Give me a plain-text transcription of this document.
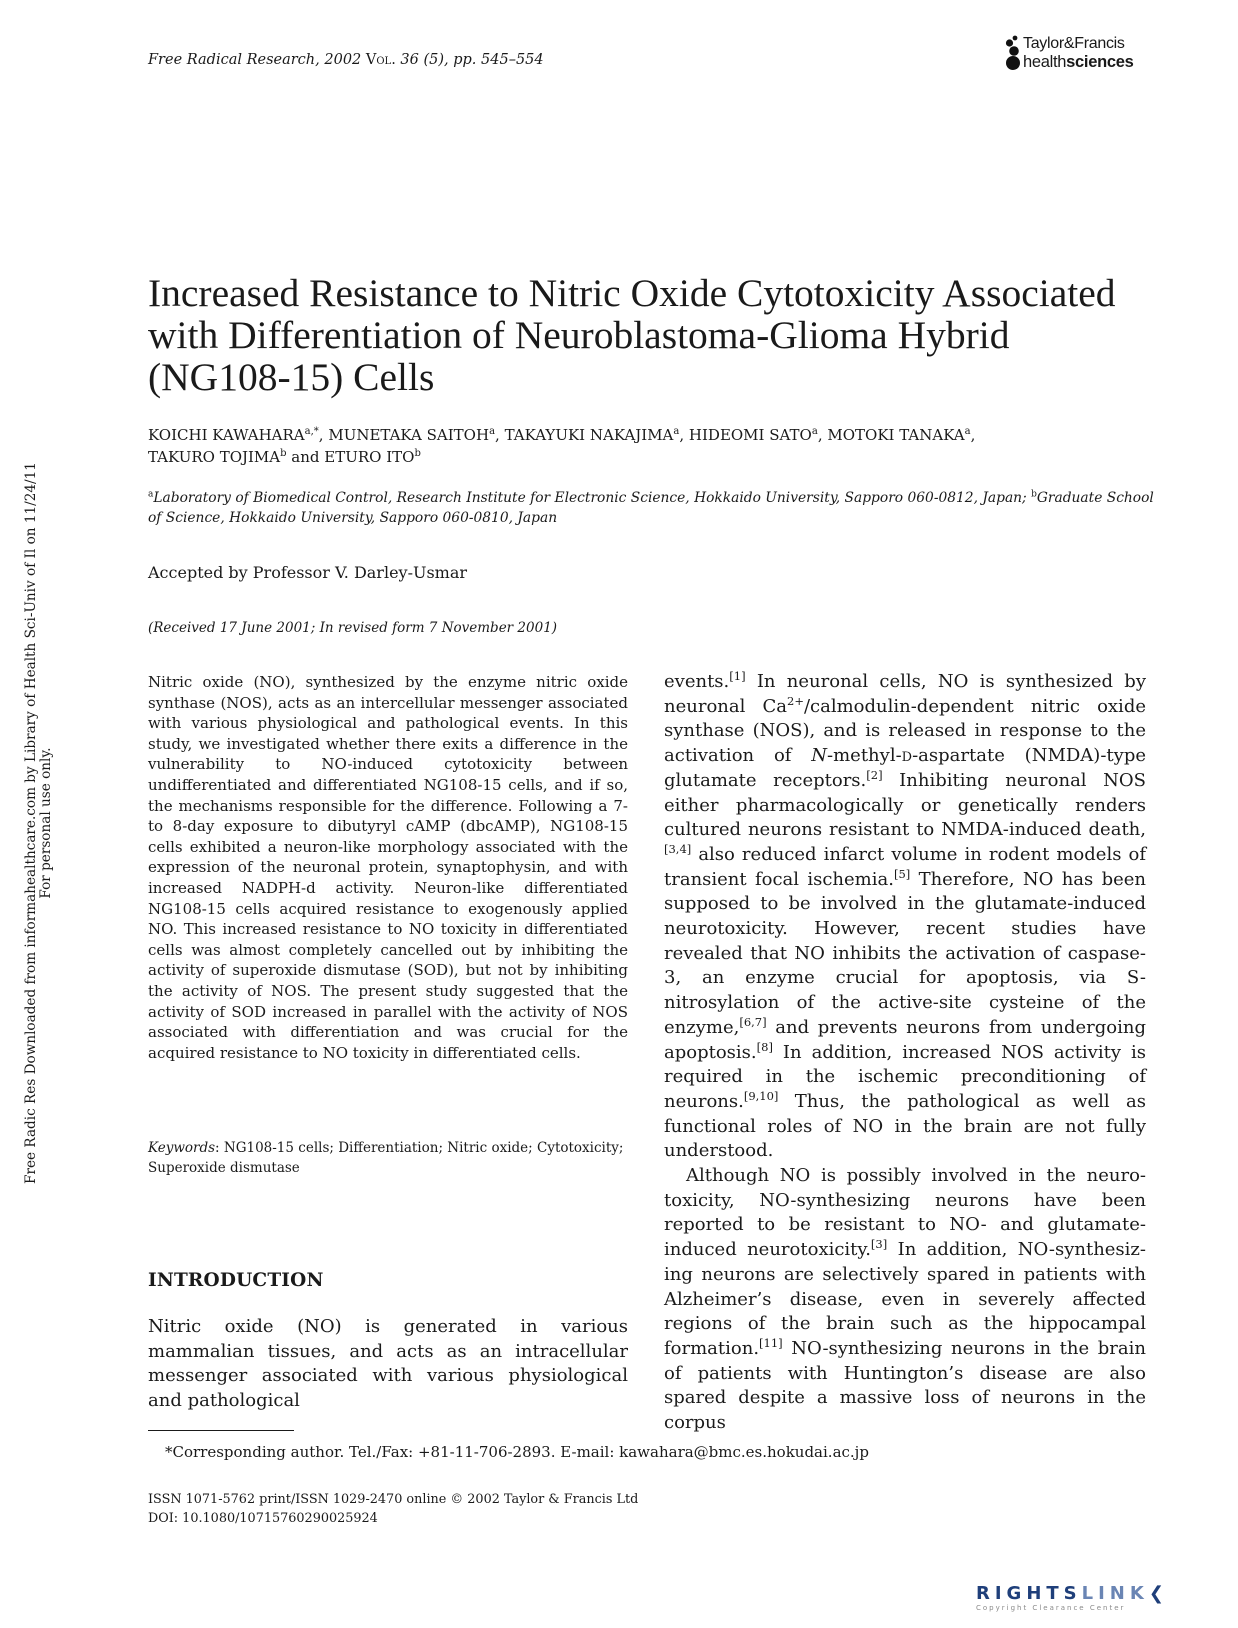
Free Radical Research, 2002 Vol. 36 (5), pp. 545–554
Taylor&Francis
healthsciences
Free Radic Res Downloaded from informahealthcare.com by Library of Health Sci-Univ of Il on 11/24/11 For personal use only.
Increased Resistance to Nitric Oxide Cytotoxicity Associated with Differentiation of Neuroblastoma-Glioma Hybrid (NG108-15) Cells
KOICHI $KAWAHARA^{a,*}$, MUNETAKA SAITOH$^a$, TAKAYUKI NAKAJIMA$^a$, HIDEOMI SATO$^a$, MOTOKI TANAKA$^a$,
TAKURO TOJIMA$^b$ and ETURO ITO$^b$
$^a$Laboratory of Biomedical Control, Research Institute for Electronic Science, Hokkaido University, Sapporo 060-0812, Japan; $^b$Graduate School of Science, Hokkaido University, Sapporo 060-0810, Japan
Accepted by Professor V. Darley-Usmar
(Received 17 June 2001; In revised form 7 November 2001)
Nitric oxide (NO), synthesized by the enzyme nitric oxide synthase (NOS), acts as an intercellular messenger associated with various physiological and pathological events. In this study, we investigated whether there exits a difference in the vulnerability to NO-induced cytotoxicity between undifferentiated and differentiated NG108-15 cells, and if so, the mechanisms responsible for the difference. Following a 7- to 8-day exposure to dibutyryl cAMP (dbcAMP), NG108-15 cells exhibited a neuron-like morphology associated with the expression of the neuronal protein, synaptophysin, and with increased NADPH-d activity. Neuron-like differentiated NG108-15 cells acquired resistance to exogenously applied NO. This increased resistance to NO toxicity in differentiated cells was almost completely cancelled out by inhibiting the activity of superoxide dismutase (SOD), but not by inhibiting the activity of NOS. The present study suggested that the activity of SOD increased in parallel with the activity of NOS associated with differentiation and was crucial for the acquired resistance to NO toxicity in differentiated cells.
Keywords: NG108-15 cells; Differentiation; Nitric oxide; Cytotoxicity; Superoxide dismutase
INTRODUCTION
Nitric oxide (NO) is generated in various mammalian tissues, and acts as an intracellular messenger associated with various physiological and pathological

events.[1] In neuronal cells, NO is synthesized by neuronal $Ca^{2+}/calmodulin$-dependent nitric oxide synthase (NOS), and is released in response to the activation of N-methyl-d-aspartate (NMDA)-type glutamate receptors.[2] Inhibiting neuronal NOS either pharmacologically or genetically renders cultured neurons resistant to NMDA-induced death,[3,4] also reduced infarct volume in rodent models of transient focal ischemia.[5] Therefore, NO has been supposed to be involved in the glutamate-induced neurotoxicity. However, recent studies have revealed that NO inhibits the activation of caspase-3, an enzyme crucial for apoptosis, via S-nitrosylation of the active-site cysteine of the enzyme,[6,7] and prevents neurons from undergoing apoptosis.[8] In addition, increased NOS activity is required in the ischemic preconditioning of neurons.[9,10] Thus, the pathological as well as functional roles of NO in the brain are not fully understood.

Although NO is possibly involved in the neuro-toxicity, NO-synthesizing neurons have been reported to be resistant to NO- and glutamate-induced neurotoxicity.[3] In addition, NO-synthesiz-ing neurons are selectively spared in patients with Alzheimer’s disease, even in severely affected regions of the brain such as the hippocampal formation.[11] NO-synthesizing neurons in the brain of patients with Huntington’s disease are also spared despite a massive loss of neurons in the corpus

*Corresponding author. Tel./Fax: +81-11-706-2893. E-mail: kawahara@bmc.es.hokudai.ac.jp
ISSN 1071-5762 print/ISSN 1029-2470 online © 2002 Taylor & Francis Ltd
DOI: 10.1080/10715760290025924
RIGHTSLINK❮
Copyright Clearance Center
